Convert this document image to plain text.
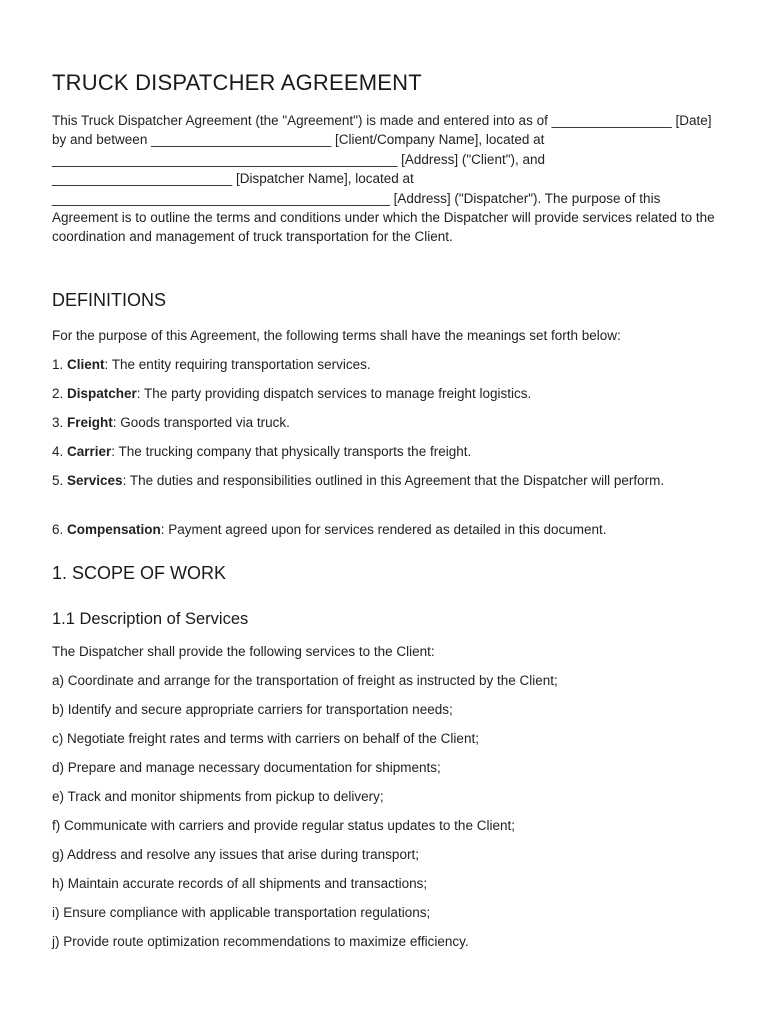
TRUCK DISPATCHER AGREEMENT

This Truck Dispatcher Agreement (the "Agreement") is made and entered into as of ________________ [Date] by and between ________________________ [Client/Company Name], located at ______________________________________________ [Address] ("Client"), and ________________________ [Dispatcher Name], located at _____________________________________________ [Address] ("Dispatcher"). The purpose of this Agreement is to outline the terms and conditions under which the Dispatcher will provide services related to the coordination and management of truck transportation for the Client.

DEFINITIONS

For the purpose of this Agreement, the following terms shall have the meanings set forth below:

1. Client: The entity requiring transportation services.

2. Dispatcher: The party providing dispatch services to manage freight logistics.

3. Freight: Goods transported via truck.

4. Carrier: The trucking company that physically transports the freight.

5. Services: The duties and responsibilities outlined in this Agreement that the Dispatcher will perform.

6. Compensation: Payment agreed upon for services rendered as detailed in this document.

1. SCOPE OF WORK
1.1 Description of Services

The Dispatcher shall provide the following services to the Client:

a) Coordinate and arrange for the transportation of freight as instructed by the Client;

b) Identify and secure appropriate carriers for transportation needs;

c) Negotiate freight rates and terms with carriers on behalf of the Client;

d) Prepare and manage necessary documentation for shipments;

e) Track and monitor shipments from pickup to delivery;

f) Communicate with carriers and provide regular status updates to the Client;

g) Address and resolve any issues that arise during transport;

h) Maintain accurate records of all shipments and transactions;

i) Ensure compliance with applicable transportation regulations;

j) Provide route optimization recommendations to maximize efficiency.
